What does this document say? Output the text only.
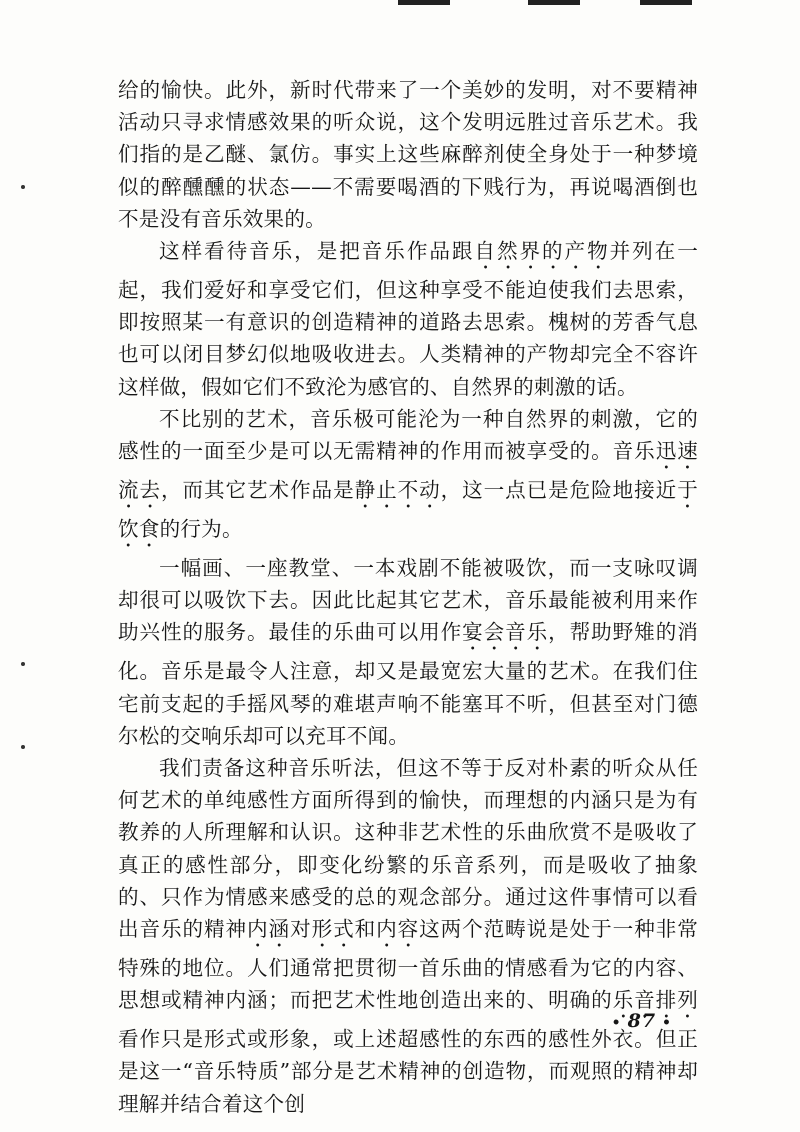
给的愉快。此外，新时代带来了一个美妙的发明，对不要精神活动只寻求情感效果的听众说，这个发明远胜过音乐艺术。我们指的是乙醚、氯仿。事实上这些麻醉剂使全身处于一种梦境似的醉醺醺的状态——不需要喝酒的下贱行为，再说喝酒倒也不是没有音乐效果的。

这样看待音乐，是把音乐作品跟自然界的产物并列在一起，我们爱好和享受它们，但这种享受不能迫使我们去思索，即按照某一有意识的创造精神的道路去思索。槐树的芳香气息也可以闭目梦幻似地吸收进去。人类精神的产物却完全不容许这样做，假如它们不致沦为感官的、自然界的刺激的话。

不比别的艺术，音乐极可能沦为一种自然界的刺激，它的感性的一面至少是可以无需精神的作用而被享受的。音乐迅速流去，而其它艺术作品是静止不动，这一点已是危险地接近于饮食的行为。

一幅画、一座教堂、一本戏剧不能被吸饮，而一支咏叹调却很可以吸饮下去。因此比起其它艺术，音乐最能被利用来作助兴性的服务。最佳的乐曲可以用作宴会音乐，帮助野雉的消化。音乐是最令人注意，却又是最宽宏大量的艺术。在我们住宅前支起的手摇风琴的难堪声响不能塞耳不听，但甚至对门德尔松的交响乐却可以充耳不闻。

我们责备这种音乐听法，但这不等于反对朴素的听众从任何艺术的单纯感性方面所得到的愉快，而理想的内涵只是为有教养的人所理解和认识。这种非艺术性的乐曲欣赏不是吸收了真正的感性部分，即变化纷繁的乐音系列，而是吸收了抽象的、只作为情感来感受的总的观念部分。通过这件事情可以看出音乐的精神内涵对形式和内容这两个范畴说是处于一种非常特殊的地位。人们通常把贯彻一首乐曲的情感看为它的内容、思想或精神内涵；而把艺术性地创造出来的、明确的乐音排列看作只是形式或形象，或上述超感性的东西的感性外衣。但正是这一“音乐特质”部分是艺术精神的创造物，而观照的精神却理解并结合着这个创

• 87 •
